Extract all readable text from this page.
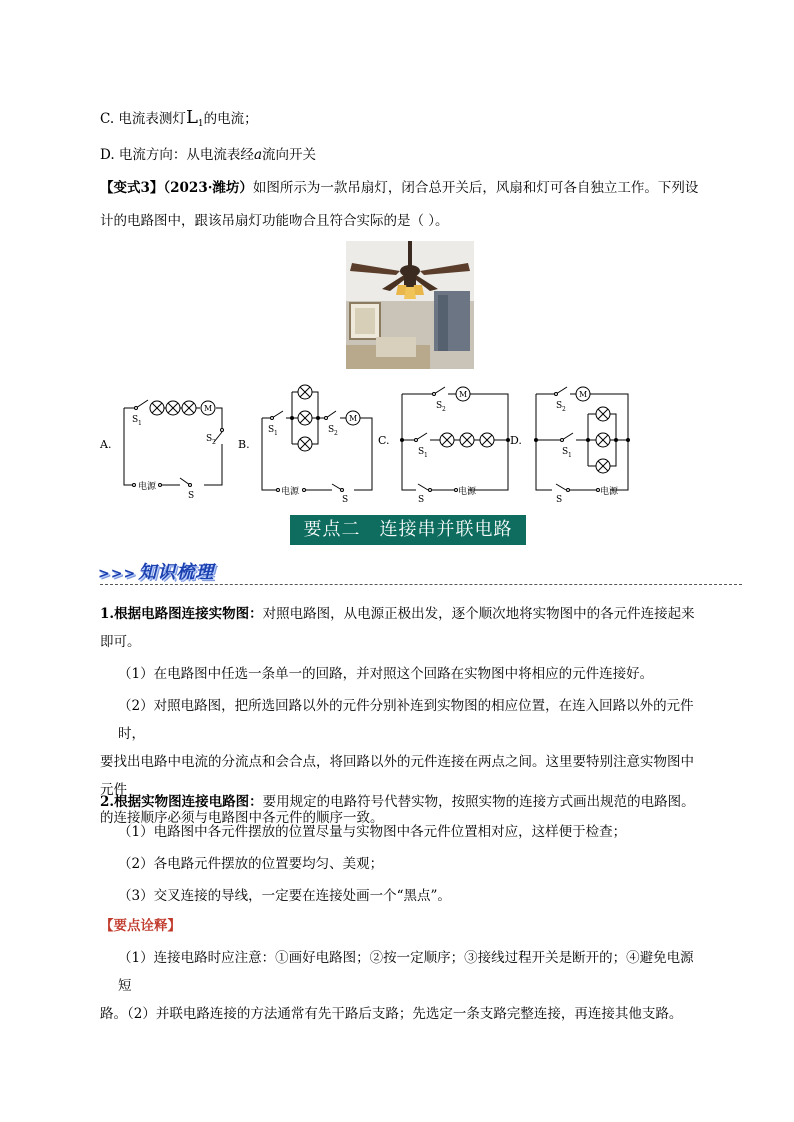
C. 电流表测灯$L_1$的电流；
D. 电流方向：从电流表经a流向开关
【变式3】（2023·潍坊）如图所示为一款吊扇灯，闭合总开关后，风扇和灯可各自独立工作。下列设
计的电路图中，跟该吊扇灯功能吻合且符合实际的是（ ）。
S 1
S 2
M
电源
S
A.
S 1	S 2
M
电源
S
B.
S 2
S 1
M
电源
S
C.
S 2
S 1
M
电源
S
D.
要点二　连接串并联电路
>>> 知识梳理
1.根据电路图连接实物图：对照电路图，从电源正极出发，逐个顺次地将实物图中的各元件连接起来
即可。
（1）在电路图中任选一条单一的回路，并对照这个回路在实物图中将相应的元件连接好。
（2）对照电路图，把所选回路以外的元件分别补连到实物图的相应位置，在连入回路以外的元件时，
要找出电路中电流的分流点和会合点，将回路以外的元件连接在两点之间。这里要特别注意实物图中元件
的连接顺序必须与电路图中各元件的顺序一致。
2.根据实物图连接电路图：要用规定的电路符号代替实物，按照实物的连接方式画出规范的电路图。
（1）电路图中各元件摆放的位置尽量与实物图中各元件位置相对应，这样便于检查；
（2）各电路元件摆放的位置要均匀、美观；
（3）交叉连接的导线，一定要在连接处画一个“黑点”。
【要点诠释】
（1）连接电路时应注意：①画好电路图；②按一定顺序；③接线过程开关是断开的；④避免电源短
路。（2）并联电路连接的方法通常有先干路后支路；先选定一条支路完整连接，再连接其他支路。
